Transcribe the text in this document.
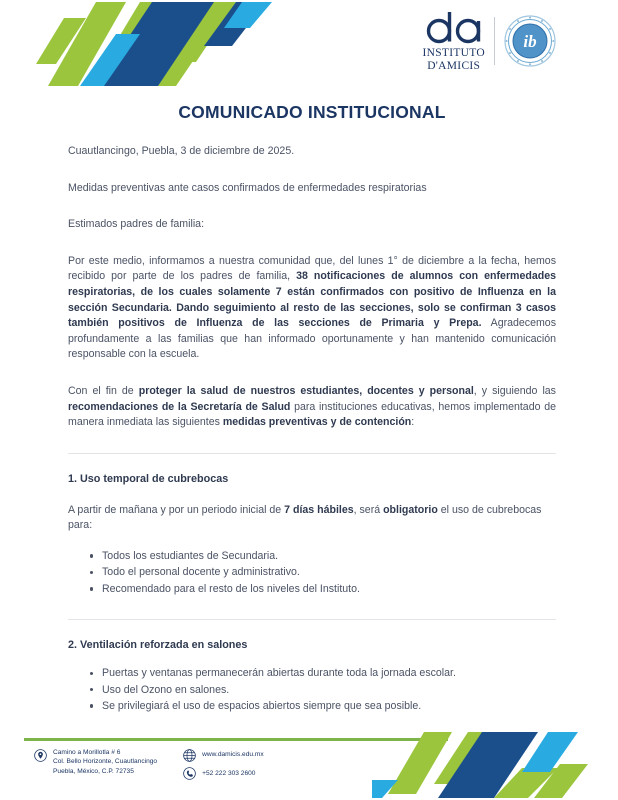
INSTITUTO
D'AMICIS
ib
COMUNICADO INSTITUCIONAL

Cuautlancingo, Puebla, 3 de diciembre de 2025.

Medidas preventivas ante casos confirmados de enfermedades respiratorias

Estimados padres de familia:

Por este medio, informamos a nuestra comunidad que, del lunes 1° de diciembre a la fecha, hemos recibido por parte de los padres de familia, 38 notificaciones de alumnos con enfermedades respiratorias, de los cuales solamente 7 están confirmados con positivo de Influenza en la sección Secundaria. Dando seguimiento al resto de las secciones, solo se confirman 3 casos también positivos de Influenza de las secciones de Primaria y Prepa. Agradecemos profundamente a las familias que han informado oportunamente y han mantenido comunicación responsable con la escuela.

Con el fin de proteger la salud de nuestros estudiantes, docentes y personal, y siguiendo las recomendaciones de la Secretaría de Salud para instituciones educativas, hemos implementado de manera inmediata las siguientes medidas preventivas y de contención:

1. Uso temporal de cubrebocas

A partir de mañana y por un periodo inicial de 7 días hábiles, será obligatorio el uso de cubrebocas para:

Todos los estudiantes de Secundaria.
Todo el personal docente y administrativo.
Recomendado para el resto de los niveles del Instituto.
2. Ventilación reforzada en salones
Puertas y ventanas permanecerán abiertas durante toda la jornada escolar.
Uso del Ozono en salones.
Se privilegiará el uso de espacios abiertos siempre que sea posible.
Camino a Morillotla # 6
Col. Bello Horizonte, Cuautlancingo
Puebla, México, C.P. 72735
www.damicis.edu.mx
+52 222 303 2600
